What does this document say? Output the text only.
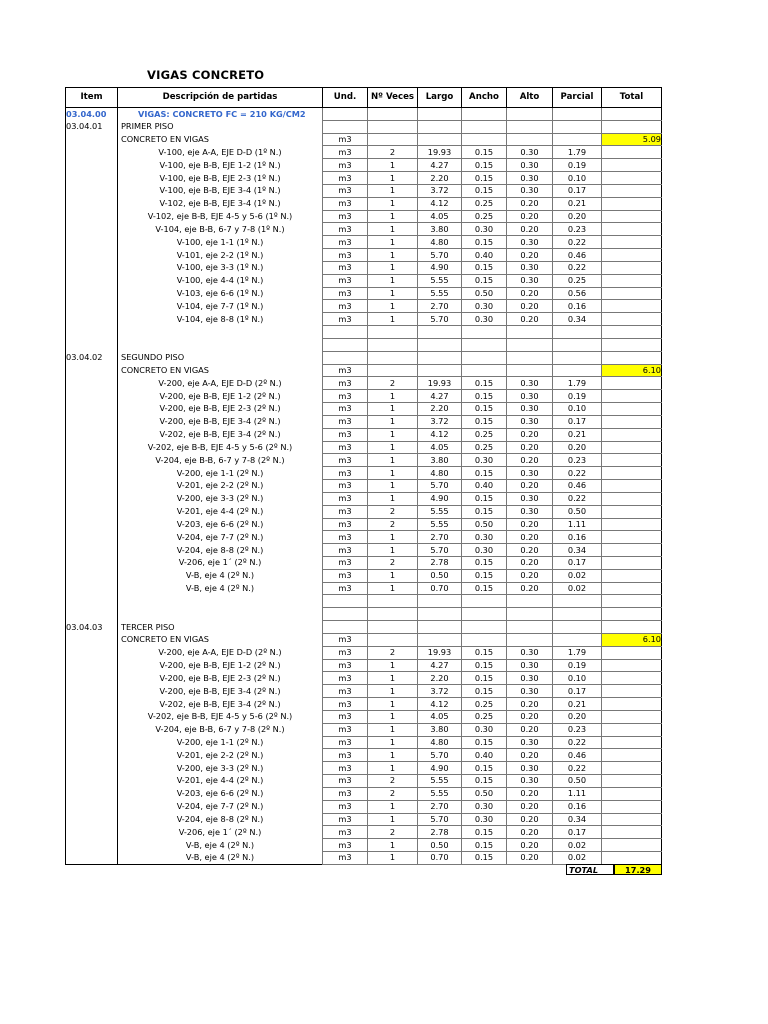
VIGAS CONCRETO
Item	Descripción de partidas	Und.	Nº Veces	Largo	Ancho	Alto	Parcial	Total
03.04.00	VIGAS: CONCRETO FC = 210 KG/CM2							
03.04.01	PRIMER PISO							
	CONCRETO EN VIGAS	m3						5.09
	V-100, eje A-A, EJE D-D (1º N.)	m3	2	19.93	0.15	0.30	1.79	
	V-100, eje B-B, EJE 1-2 (1º N.)	m3	1	4.27	0.15	0.30	0.19	
	V-100, eje B-B, EJE 2-3 (1º N.)	m3	1	2.20	0.15	0.30	0.10	
	V-100, eje B-B, EJE 3-4 (1º N.)	m3	1	3.72	0.15	0.30	0.17	
	V-102, eje B-B, EJE 3-4 (1º N.)	m3	1	4.12	0.25	0.20	0.21	
	V-102, eje B-B, EJE 4-5 y 5-6 (1º N.)	m3	1	4.05	0.25	0.20	0.20	
	V-104, eje B-B, 6-7 y 7-8 (1º N.)	m3	1	3.80	0.30	0.20	0.23	
	V-100, eje 1-1 (1º N.)	m3	1	4.80	0.15	0.30	0.22	
	V-101, eje 2-2 (1º N.)	m3	1	5.70	0.40	0.20	0.46	
	V-100, eje 3-3 (1º N.)	m3	1	4.90	0.15	0.30	0.22	
	V-100, eje 4-4 (1º N.)	m3	1	5.55	0.15	0.30	0.25	
	V-103, eje 6-6 (1º N.)	m3	1	5.55	0.50	0.20	0.56	
	V-104, eje 7-7 (1º N.)	m3	1	2.70	0.30	0.20	0.16	
	V-104, eje 8-8 (1º N.)	m3	1	5.70	0.30	0.20	0.34	

03.04.02	SEGUNDO PISO							
	CONCRETO EN VIGAS	m3						6.10
	V-200, eje A-A, EJE D-D (2º N.)	m3	2	19.93	0.15	0.30	1.79	
	V-200, eje B-B, EJE 1-2 (2º N.)	m3	1	4.27	0.15	0.30	0.19	
	V-200, eje B-B, EJE 2-3 (2º N.)	m3	1	2.20	0.15	0.30	0.10	
	V-200, eje B-B, EJE 3-4 (2º N.)	m3	1	3.72	0.15	0.30	0.17	
	V-202, eje B-B, EJE 3-4 (2º N.)	m3	1	4.12	0.25	0.20	0.21	
	V-202, eje B-B, EJE 4-5 y 5-6 (2º N.)	m3	1	4.05	0.25	0.20	0.20	
	V-204, eje B-B, 6-7 y 7-8 (2º N.)	m3	1	3.80	0.30	0.20	0.23	
	V-200, eje 1-1 (2º N.)	m3	1	4.80	0.15	0.30	0.22	
	V-201, eje 2-2 (2º N.)	m3	1	5.70	0.40	0.20	0.46	
	V-200, eje 3-3 (2º N.)	m3	1	4.90	0.15	0.30	0.22	
	V-201, eje 4-4 (2º N.)	m3	2	5.55	0.15	0.30	0.50	
	V-203, eje 6-6 (2º N.)	m3	2	5.55	0.50	0.20	1.11	
	V-204, eje 7-7 (2º N.)	m3	1	2.70	0.30	0.20	0.16	
	V-204, eje 8-8 (2º N.)	m3	1	5.70	0.30	0.20	0.34	
	V-206, eje 1´ (2º N.)	m3	2	2.78	0.15	0.20	0.17	
	V-B, eje 4 (2º N.)	m3	1	0.50	0.15	0.20	0.02	
	V-B, eje 4 (2º N.)	m3	1	0.70	0.15	0.20	0.02	

03.04.03	TERCER PISO							
	CONCRETO EN VIGAS	m3						6.10
	V-200, eje A-A, EJE D-D (2º N.)	m3	2	19.93	0.15	0.30	1.79	
	V-200, eje B-B, EJE 1-2 (2º N.)	m3	1	4.27	0.15	0.30	0.19	
	V-200, eje B-B, EJE 2-3 (2º N.)	m3	1	2.20	0.15	0.30	0.10	
	V-200, eje B-B, EJE 3-4 (2º N.)	m3	1	3.72	0.15	0.30	0.17	
	V-202, eje B-B, EJE 3-4 (2º N.)	m3	1	4.12	0.25	0.20	0.21	
	V-202, eje B-B, EJE 4-5 y 5-6 (2º N.)	m3	1	4.05	0.25	0.20	0.20	
	V-204, eje B-B, 6-7 y 7-8 (2º N.)	m3	1	3.80	0.30	0.20	0.23	
	V-200, eje 1-1 (2º N.)	m3	1	4.80	0.15	0.30	0.22	
	V-201, eje 2-2 (2º N.)	m3	1	5.70	0.40	0.20	0.46	
	V-200, eje 3-3 (2º N.)	m3	1	4.90	0.15	0.30	0.22	
	V-201, eje 4-4 (2º N.)	m3	2	5.55	0.15	0.30	0.50	
	V-203, eje 6-6 (2º N.)	m3	2	5.55	0.50	0.20	1.11	
	V-204, eje 7-7 (2º N.)	m3	1	2.70	0.30	0.20	0.16	
	V-204, eje 8-8 (2º N.)	m3	1	5.70	0.30	0.20	0.34	
	V-206, eje 1´ (2º N.)	m3	2	2.78	0.15	0.20	0.17	
	V-B, eje 4 (2º N.)	m3	1	0.50	0.15	0.20	0.02	
	V-B, eje 4 (2º N.)	m3	1	0.70	0.15	0.20	0.02	
TOTAL	17.29
